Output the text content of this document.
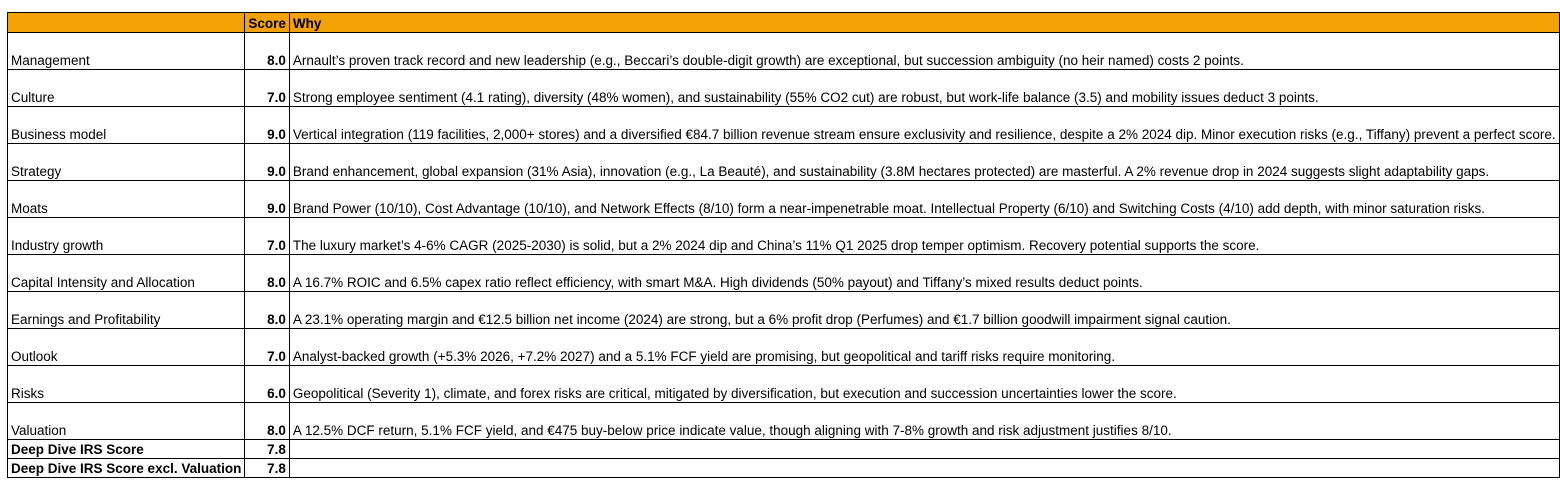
	Score	Why
Management	8.0	Arnault’s proven track record and new leadership (e.g., Beccari’s double-digit growth) are exceptional, but succession ambiguity (no heir named) costs 2 points.
Culture	7.0	Strong employee sentiment (4.1 rating), diversity (48% women), and sustainability (55% CO2 cut) are robust, but work-life balance (3.5) and mobility issues deduct 3 points.
Business model	9.0	Vertical integration (119 facilities, 2,000+ stores) and a diversified €84.7 billion revenue stream ensure exclusivity and resilience, despite a 2% 2024 dip. Minor execution risks (e.g., Tiffany) prevent a perfect score.
Strategy	9.0	Brand enhancement, global expansion (31% Asia), innovation (e.g., La Beauté), and sustainability (3.8M hectares protected) are masterful. A 2% revenue drop in 2024 suggests slight adaptability gaps.
Moats	9.0	Brand Power (10/10), Cost Advantage (10/10), and Network Effects (8/10) form a near-impenetrable moat. Intellectual Property (6/10) and Switching Costs (4/10) add depth, with minor saturation risks.
Industry growth	7.0	The luxury market’s 4-6% CAGR (2025-2030) is solid, but a 2% 2024 dip and China’s 11% Q1 2025 drop temper optimism. Recovery potential supports the score.
Capital Intensity and Allocation	8.0	A 16.7% ROIC and 6.5% capex ratio reflect efficiency, with smart M&A. High dividends (50% payout) and Tiffany’s mixed results deduct points.
Earnings and Profitability	8.0	A 23.1% operating margin and €12.5 billion net income (2024) are strong, but a 6% profit drop (Perfumes) and €1.7 billion goodwill impairment signal caution.
Outlook	7.0	Analyst-backed growth (+5.3% 2026, +7.2% 2027) and a 5.1% FCF yield are promising, but geopolitical and tariff risks require monitoring.
Risks	6.0	Geopolitical (Severity 1), climate, and forex risks are critical, mitigated by diversification, but execution and succession uncertainties lower the score.
Valuation	8.0	A 12.5% DCF return, 5.1% FCF yield, and €475 buy-below price indicate value, though aligning with 7-8% growth and risk adjustment justifies 8/10.
Deep Dive IRS Score	7.8	
Deep Dive IRS Score excl. Valuation	7.8	
